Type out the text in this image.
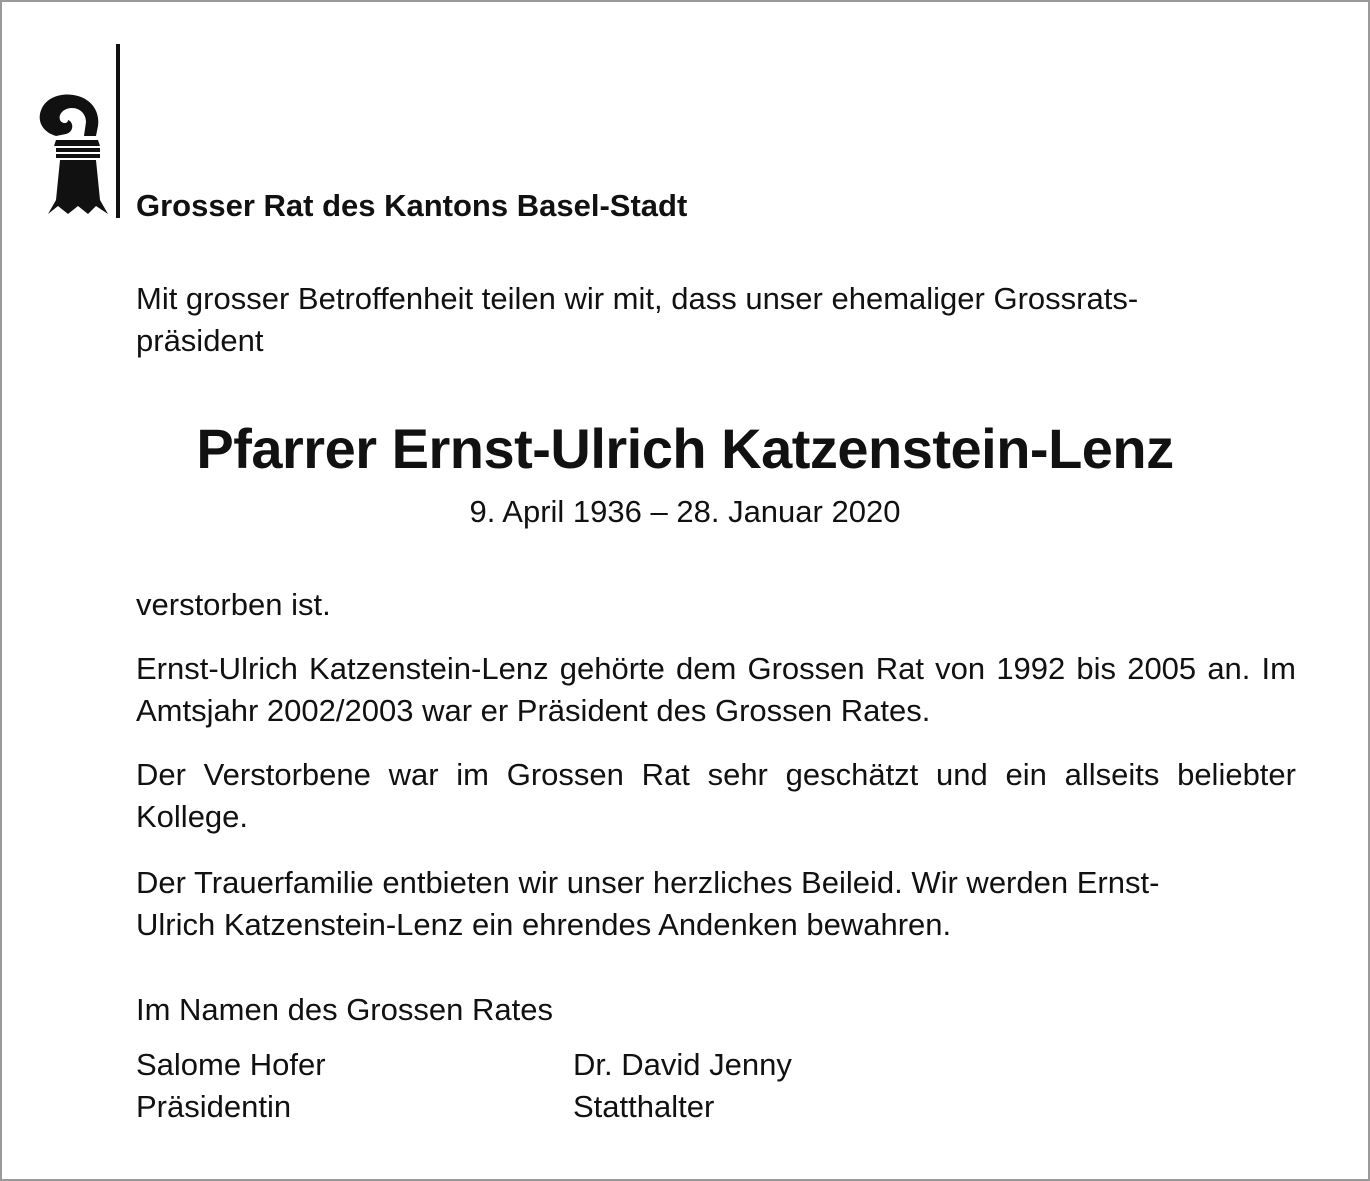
Grosser Rat des Kantons Basel-Stadt
Mit grosser Betroffenheit teilen wir mit, dass unser ehemaliger Grossrats-
präsident
Pfarrer Ernst-Ulrich Katzenstein-Lenz
9. April 1936 – 28. Januar 2020
verstorben ist.
Ernst-Ulrich Katzenstein-Lenz gehörte dem Grossen Rat von 1992 bis 2005 an. Im Amtsjahr 2002/2003 war er Präsident des Grossen Rates.
Der Verstorbene war im Grossen Rat sehr geschätzt und ein allseits beliebter Kollege.
Der Trauerfamilie entbieten wir unser herzliches Beileid. Wir werden Ernst-
Ulrich Katzenstein-Lenz ein ehrendes Andenken bewahren.
Im Namen des Grossen Rates
Salome Hofer
Präsidentin
Dr. David Jenny
Statthalter
